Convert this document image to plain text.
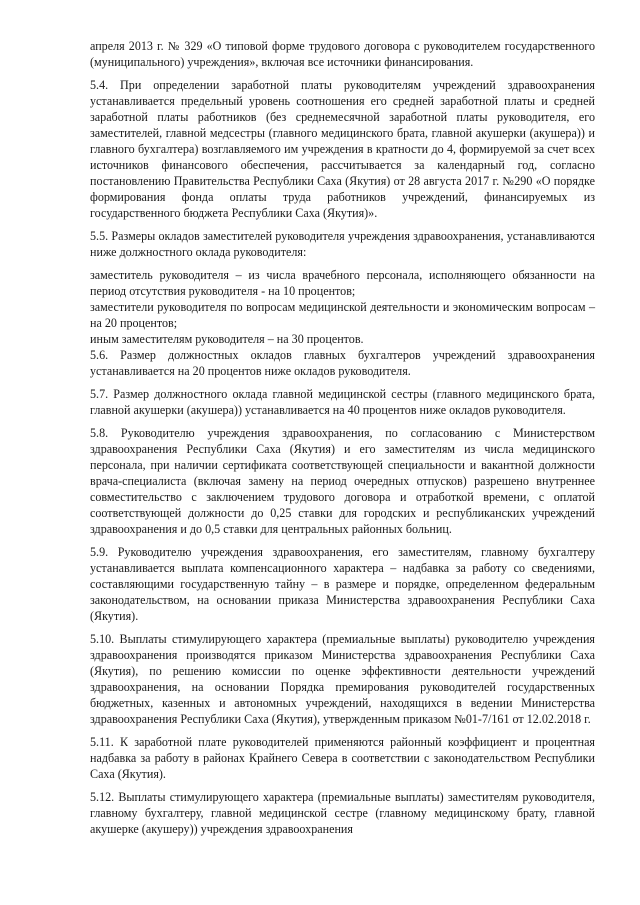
апреля 2013 г. № 329 «О типовой форме трудового договора с руководителем государственного (муниципального) учреждения», включая все источники финансирования.

5.4. При определении заработной платы руководителям учреждений здравоохранения устанавливается предельный уровень соотношения его средней заработной платы и средней заработной платы работников (без среднемесячной заработной платы руководителя, его заместителей, главной медсестры (главного медицинского брата, главной акушерки (акушера)) и главного бухгалтера) возглавляемого им учреждения в кратности до 4, формируемой за счет всех источников финансового обеспечения, рассчитывается за календарный год, согласно постановлению Правительства Республики Саха (Якутия) от 28 августа 2017 г. №290 «О порядке формирования фонда оплаты труда работников учреждений, финансируемых из государственного бюджета Республики Саха (Якутия)».

5.5. Размеры окладов заместителей руководителя учреждения здравоохранения, устанавливаются ниже должностного оклада руководителя:

заместитель руководителя – из числа врачебного персонала, исполняющего обязанности на период отсутствия руководителя - на 10 процентов;

заместители руководителя по вопросам медицинской деятельности и экономическим вопросам – на 20 процентов;

иным заместителям руководителя – на 30 процентов.

5.6. Размер должностных окладов главных бухгалтеров учреждений здравоохранения устанавливается на 20 процентов ниже окладов руководителя.

5.7. Размер должностного оклада главной медицинской сестры (главного медицинского брата, главной акушерки (акушера)) устанавливается на 40 процентов ниже окладов руководителя.

5.8. Руководителю учреждения здравоохранения, по согласованию с Министерством здравоохранения Республики Саха (Якутия) и его заместителям из числа медицинского персонала, при наличии сертификата соответствующей специальности и вакантной должности врача-специалиста (включая замену на период очередных отпусков) разрешено внутреннее совместительство с заключением трудового договора и отработкой времени, с оплатой соответствующей должности до 0,25 ставки для городских и республиканских учреждений здравоохранения и до 0,5 ставки для центральных районных больниц.

5.9. Руководителю учреждения здравоохранения, его заместителям, главному бухгалтеру устанавливается выплата компенсационного характера – надбавка за работу со сведениями, составляющими государственную тайну – в размере и порядке, определенном федеральным законодательством, на основании приказа Министерства здравоохранения Республики Саха (Якутия).

5.10. Выплаты стимулирующего характера (премиальные выплаты) руководителю учреждения здравоохранения производятся приказом Министерства здравоохранения Республики Саха (Якутия), по решению комиссии по оценке эффективности деятельности учреждений здравоохранения, на основании Порядка премирования руководителей государственных бюджетных, казенных и автономных учреждений, находящихся в ведении Министерства здравоохранения Республики Саха (Якутия), утвержденным приказом №01-7/161 от 12.02.2018 г.

5.11. К заработной плате руководителей применяются районный коэффициент и процентная надбавка за работу в районах Крайнего Севера в соответствии с законодательством Республики Саха (Якутия).

5.12. Выплаты стимулирующего характера (премиальные выплаты) заместителям руководителя, главному бухгалтеру, главной медицинской сестре (главному медицинскому брату, главной акушерке (акушеру)) учреждения здравоохранения
